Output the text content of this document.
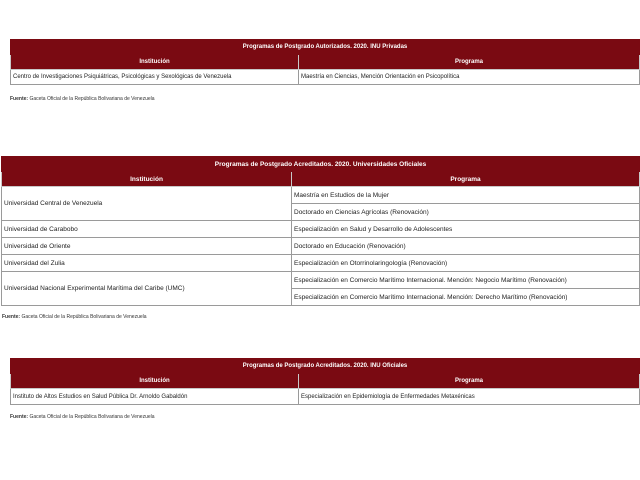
Programas de Postgrado Autorizados. 2020. INU Privadas	
Institución	Programa
Centro de Investigaciones Psiquiátricas, Psicológicas y Sexológicas de Venezuela	Maestría en Ciencias, Mención Orientación en Psicopolítica
Fuente: Gaceta Oficial de la República Bolivariana de Venezuela
Programas de Postgrado Acreditados. 2020. Universidades Oficiales	
Institución	Programa
Universidad Central de Venezuela	Maestría en Estudios de la Mujer
	Doctorado en Ciencias Agrícolas (Renovación)
Universidad de Carabobo	Especialización en Salud y Desarrollo de Adolescentes
Universidad de Oriente	Doctorado en Educación (Renovación)
Universidad del Zulia	Especialización en Otorrinolaringología (Renovación)
Universidad Nacional Experimental Marítima del Caribe (UMC)	Especialización en Comercio Marítimo Internacional. Mención: Negocio Marítimo (Renovación)
	Especialización en Comercio Marítimo Internacional. Mención: Derecho Marítimo (Renovación)
Fuente: Gaceta Oficial de la República Bolivariana de Venezuela
Programas de Postgrado Acreditados. 2020. INU Oficiales	
Institución	Programa
Instituto de Altos Estudios en Salud Pública Dr. Arnoldo Gabaldón	Especialización en Epidemiología de Enfermedades Metaxénicas
Fuente: Gaceta Oficial de la República Bolivariana de Venezuela
